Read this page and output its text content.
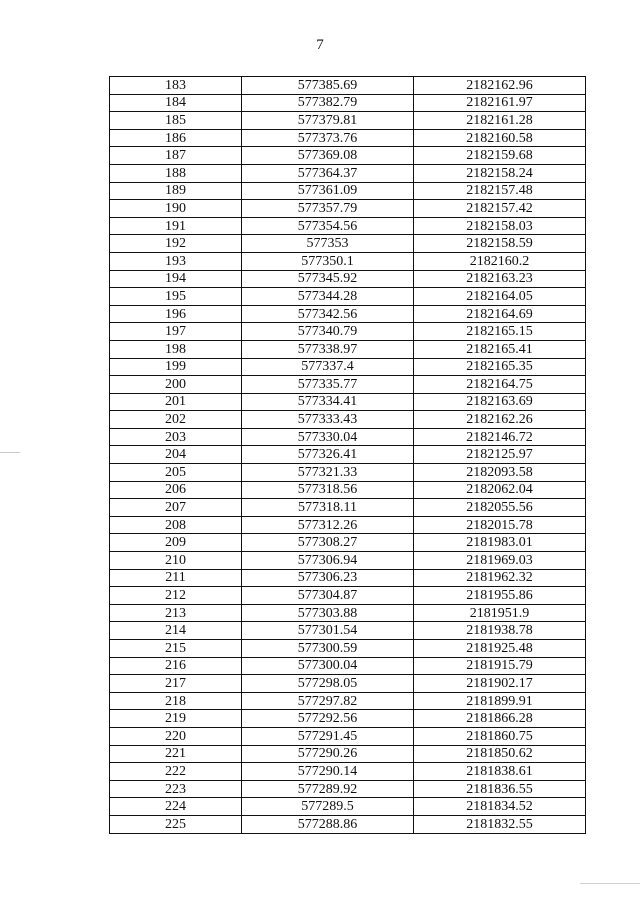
7
183	577385.69	2182162.96
184	577382.79	2182161.97
185	577379.81	2182161.28
186	577373.76	2182160.58
187	577369.08	2182159.68
188	577364.37	2182158.24
189	577361.09	2182157.48
190	577357.79	2182157.42
191	577354.56	2182158.03
192	577353	2182158.59
193	577350.1	2182160.2
194	577345.92	2182163.23
195	577344.28	2182164.05
196	577342.56	2182164.69
197	577340.79	2182165.15
198	577338.97	2182165.41
199	577337.4	2182165.35
200	577335.77	2182164.75
201	577334.41	2182163.69
202	577333.43	2182162.26
203	577330.04	2182146.72
204	577326.41	2182125.97
205	577321.33	2182093.58
206	577318.56	2182062.04
207	577318.11	2182055.56
208	577312.26	2182015.78
209	577308.27	2181983.01
210	577306.94	2181969.03
211	577306.23	2181962.32
212	577304.87	2181955.86
213	577303.88	2181951.9
214	577301.54	2181938.78
215	577300.59	2181925.48
216	577300.04	2181915.79
217	577298.05	2181902.17
218	577297.82	2181899.91
219	577292.56	2181866.28
220	577291.45	2181860.75
221	577290.26	2181850.62
222	577290.14	2181838.61
223	577289.92	2181836.55
224	577289.5	2181834.52
225	577288.86	2181832.55
